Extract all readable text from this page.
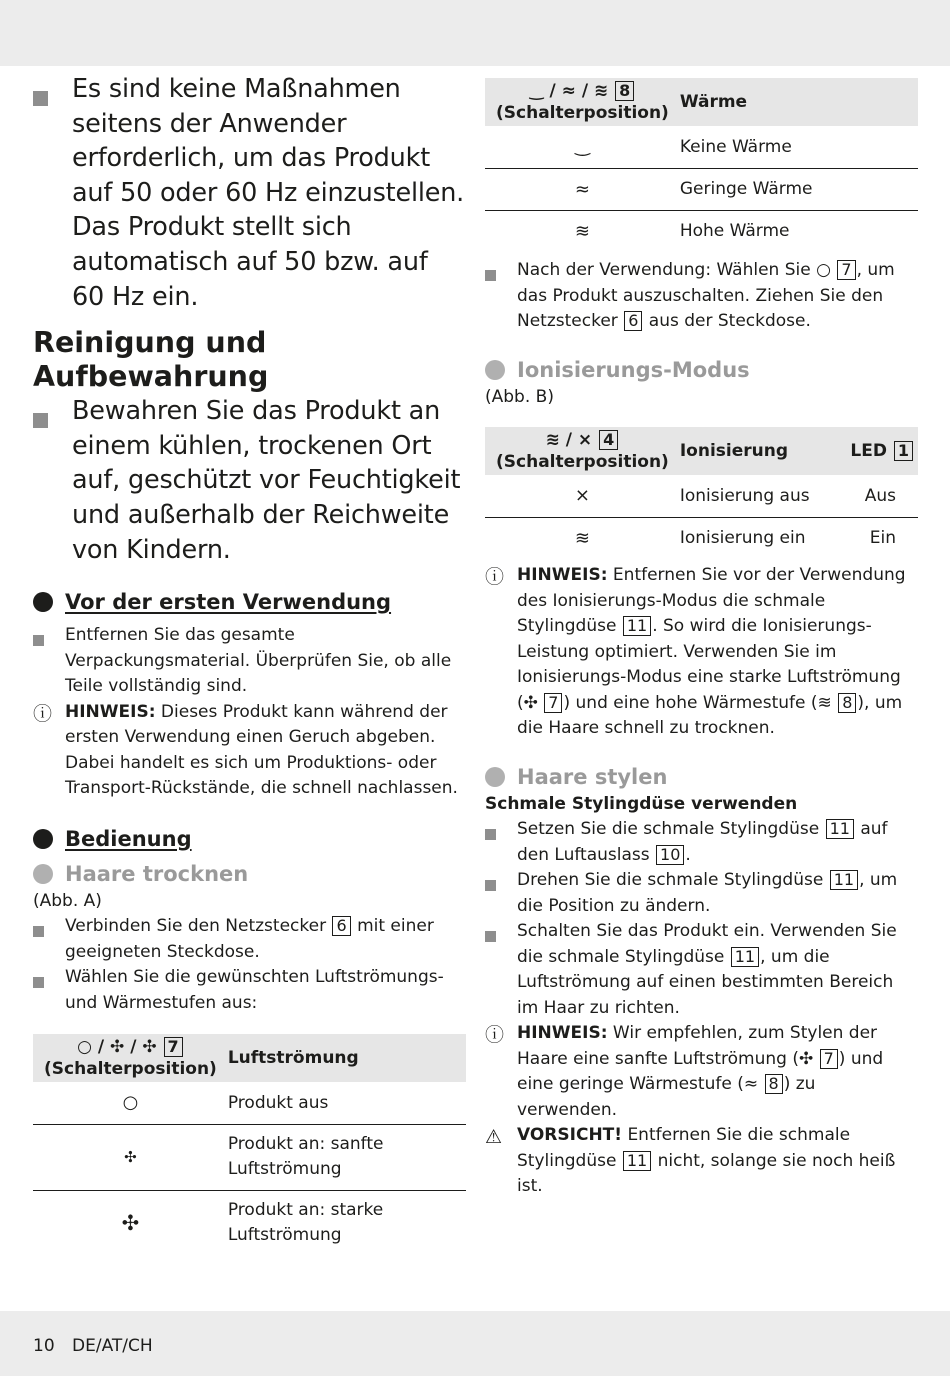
Es sind keine Maßnahmen seitens der Anwender erforderlich, um das Produkt auf 50 oder 60 Hz einzustellen. Das Produkt stellt sich automatisch auf 50 bzw. auf 60 Hz ein.
Reinigung und Aufbewahrung
Bewahren Sie das Produkt an einem kühlen, trockenen Ort auf, geschützt vor Feuchtigkeit und außerhalb der Reichweite von Kindern.
Vor der ersten Verwendung
Entfernen Sie das gesamte Verpackungsmaterial. Überprüfen Sie, ob alle Teile vollständig sind.
ⓘ HINWEIS: Dieses Produkt kann während der ersten Verwendung einen Geruch abgeben. Dabei handelt es sich um Produktions- oder Transport-Rückstände, die schnell nachlassen.
Bedienung
Haare trocknen
(Abb. A)
Verbinden Sie den Netzstecker 6 mit einer geeigneten Steckdose.
Wählen Sie die gewünschten Luftströmungs- und Wärmestufen aus:
○ / ✣ / ✣ 7
(Schalterposition)	Luftströmung
○	Produkt aus
✣	Produkt an: sanfte Luftströmung
✣	Produkt an: starke Luftströmung
‿ / ≈ / ≋ 8
(Schalterposition)	Wärme
‿	Keine Wärme
≈	Geringe Wärme
≋	Hohe Wärme
Nach der Verwendung: Wählen Sie ○ 7 , um das Produkt auszuschalten. Ziehen Sie den Netzstecker 6 aus der Steckdose.
Ionisierungs-Modus
(Abb. B)
≋ / ⨯ 4
(Schalterposition)	Ionisierung	LED 1
⨯	Ionisierung aus	Aus
≋	Ionisierung ein	Ein
ⓘ HINWEIS: Entfernen Sie vor der Verwendung des Ionisierungs-Modus die schmale Stylingdüse 11 . So wird die Ionisierungs-Leistung optimiert. Verwenden Sie im Ionisierungs-Modus eine starke Luftströmung (✣ 7 ) und eine hohe Wärmestufe (≋ 8 ), um die Haare schnell zu trocknen.
Haare stylen
Schmale Stylingdüse verwenden
Setzen Sie die schmale Stylingdüse 11 auf den Luftauslass 10 .
Drehen Sie die schmale Stylingdüse 11 , um die Position zu ändern.
Schalten Sie das Produkt ein. Verwenden Sie die schmale Stylingdüse 11 , um die Luftströmung auf einen bestimmten Bereich im Haar zu richten.
ⓘ HINWEIS: Wir empfehlen, zum Stylen der Haare eine sanfte Luftströmung (✣ 7 ) und eine geringe Wärmestufe (≈ 8 ) zu verwenden.
⚠ VORSICHT! Entfernen Sie die schmale Stylingdüse 11 nicht, solange sie noch heiß ist.
10 DE/AT/CH
